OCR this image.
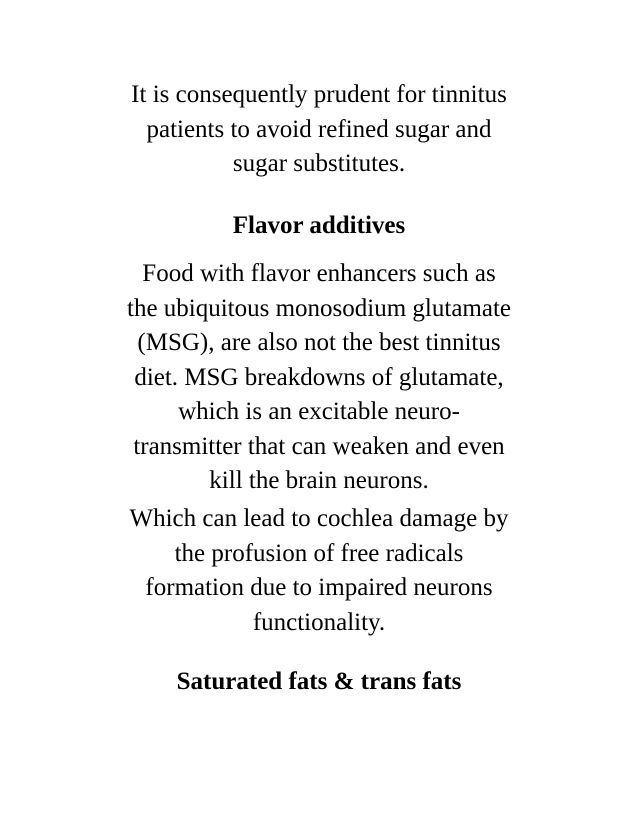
It is consequently prudent for tinnitus
patients to avoid refined sugar and
sugar substitutes.

Flavor additives

Food with flavor enhancers such as
the ubiquitous monosodium glutamate
(MSG), are also not the best tinnitus
diet. MSG breakdowns of glutamate,
which is an excitable neuro-
transmitter that can weaken and even
kill the brain neurons.

Which can lead to cochlea damage by
the profusion of free radicals
formation due to impaired neurons
functionality.

Saturated fats & trans fats
